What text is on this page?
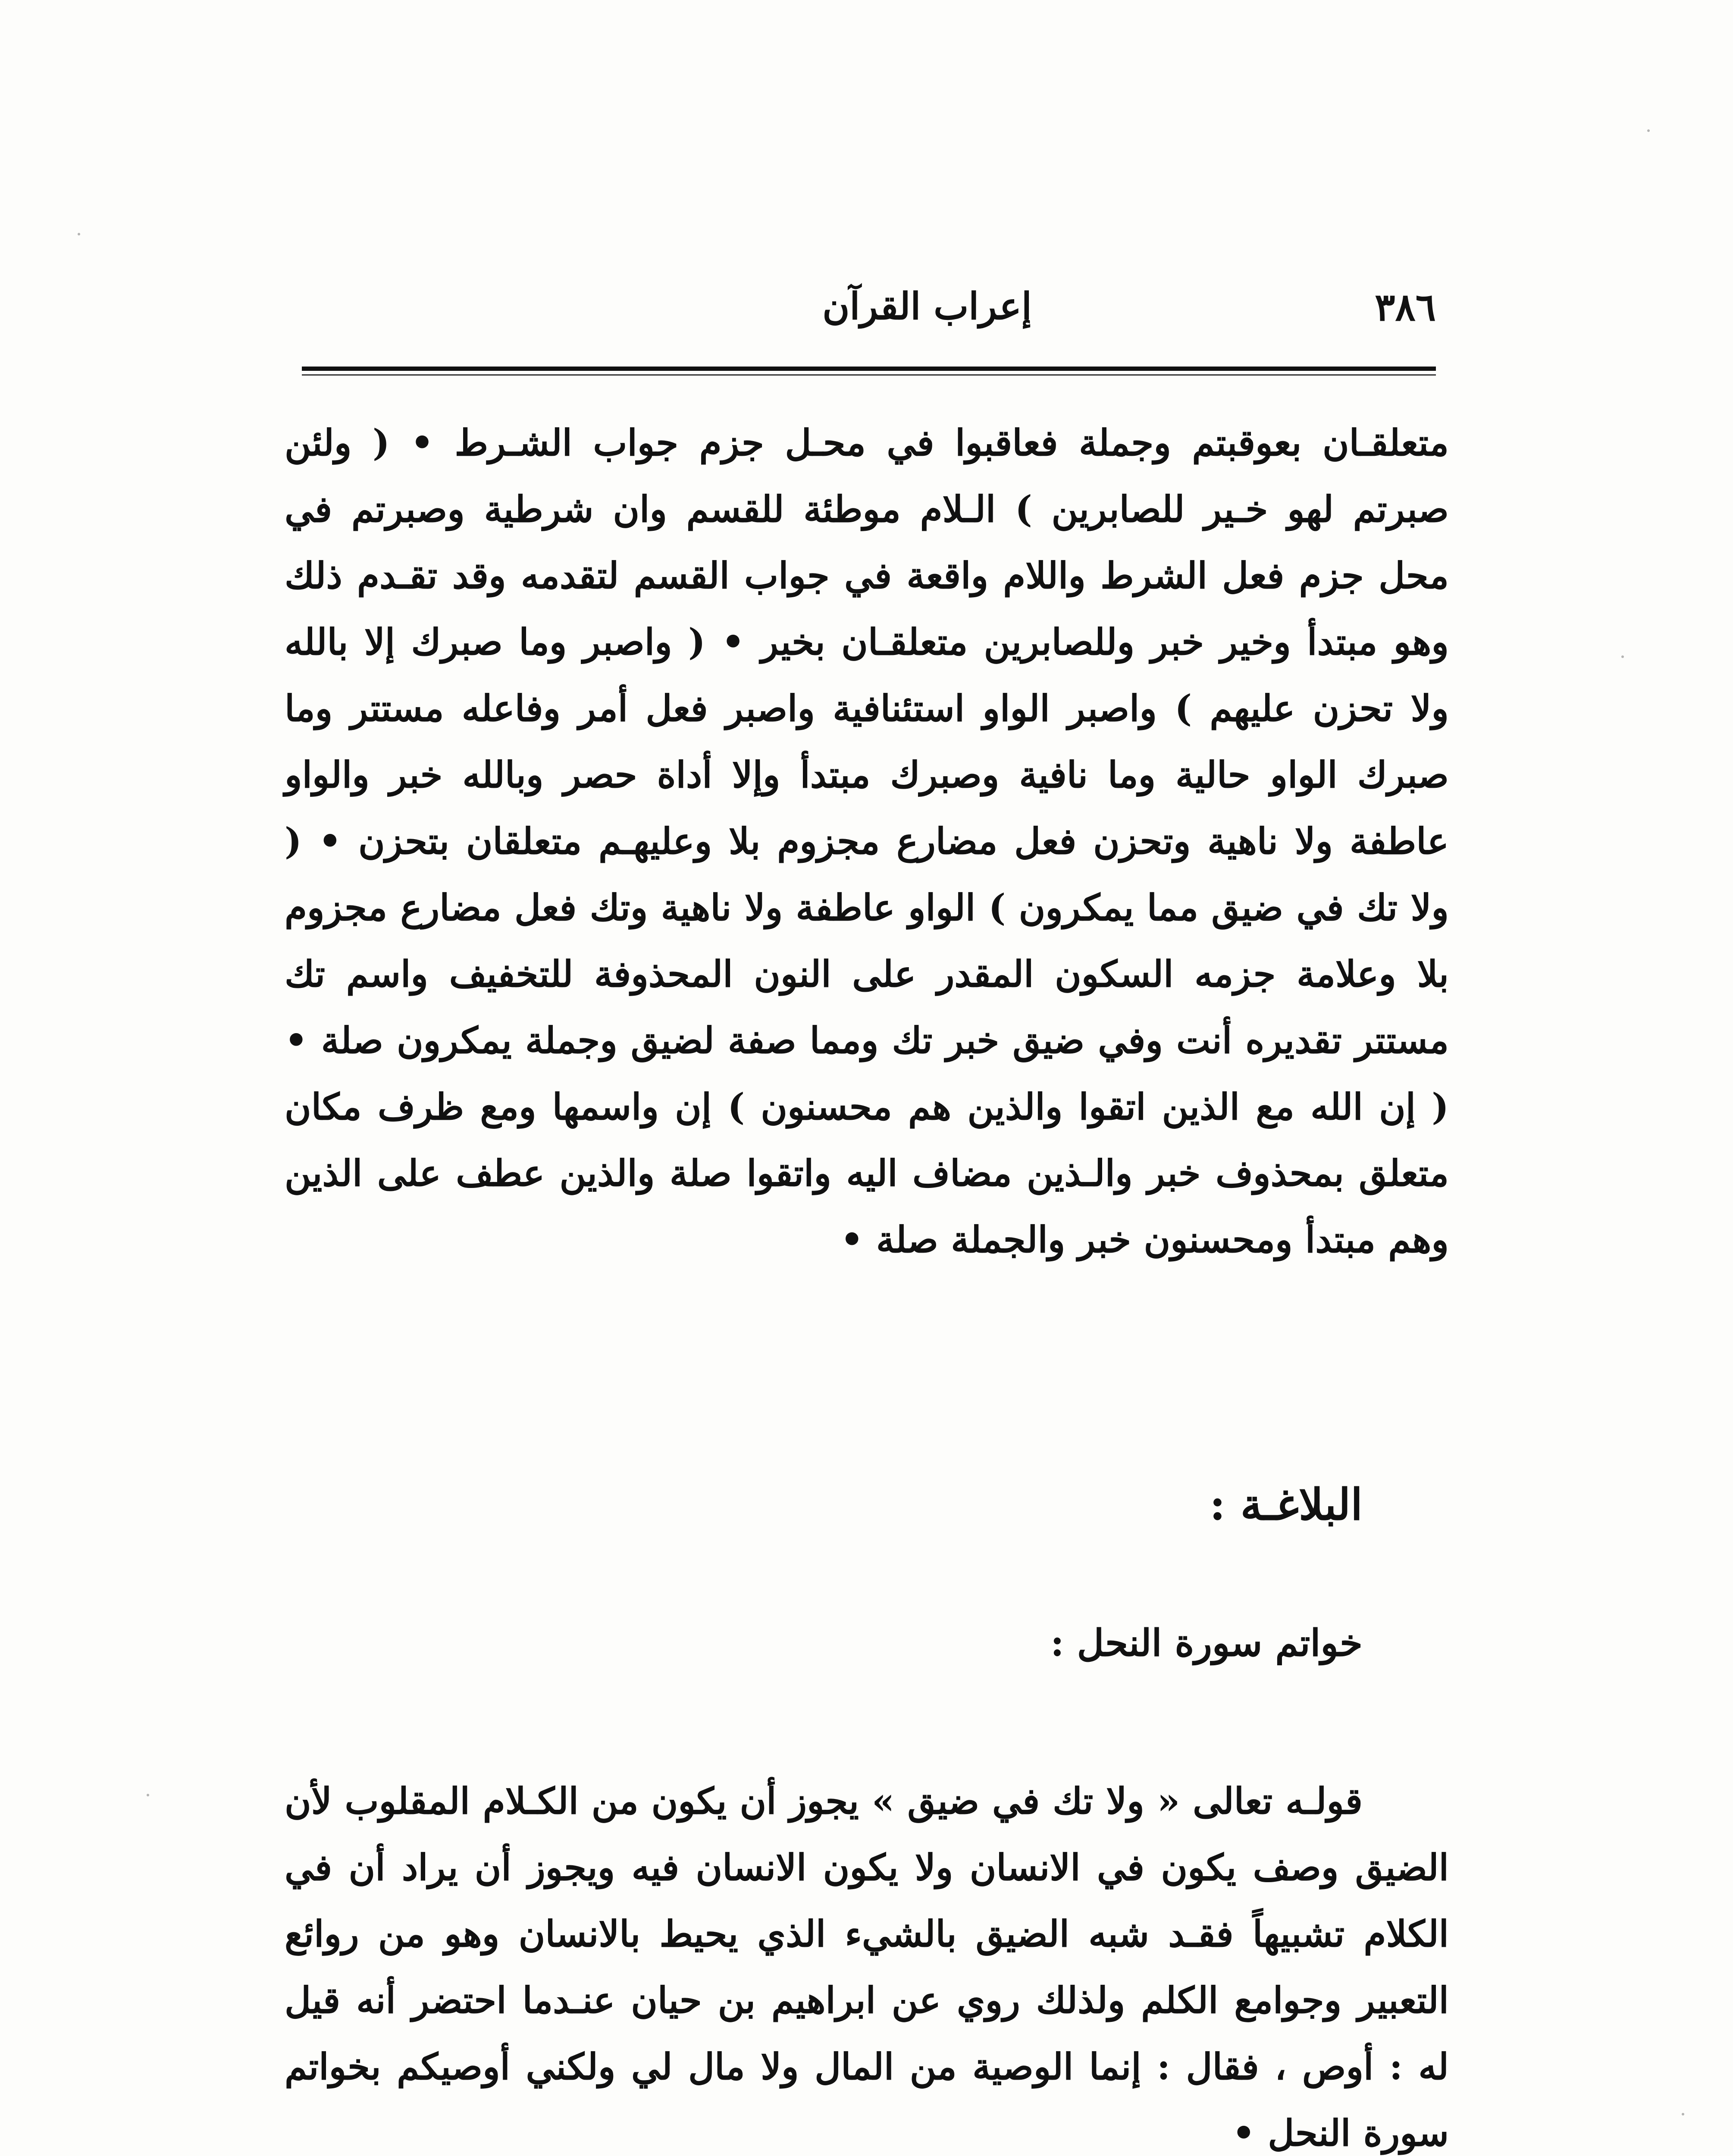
٣٨٦
إعراب القرآن

متعلقـان بعوقبتم وجملة فعاقبوا في محـل جزم جواب الشـرط • ( ولئن صبرتم لهو خـير للصابرين ) الـلام موطئة للقسم وان شرطية وصبرتم في محل جزم فعل الشرط واللام واقعة في جواب القسم لتقدمه وقد تقـدم ذلك وهو مبتدأ وخير خبر وللصابرين متعلقـان بخير • ( واصبر وما صبرك إلا بالله ولا تحزن عليهم ) واصبر الواو استئنافية واصبر فعل أمر وفاعله مستتر وما صبرك الواو حالية وما نافية وصبرك مبتدأ وإلا أداة حصر وبالله خبر والواو عاطفة ولا ناهية وتحزن فعل مضارع مجزوم بلا وعليهـم متعلقان بتحزن • ( ولا تك في ضيق مما يمكرون ) الواو عاطفة ولا ناهية وتك فعل مضارع مجزوم بلا وعلامة جزمه السكون المقدر على النون المحذوفة للتخفيف واسم تك مستتر تقديره أنت وفي ضيق خبر تك ومما صفة لضيق وجملة يمكرون صلة • ( إن الله مع الذين اتقوا والذين هم محسنون ) إن واسمها ومع ظرف مكان متعلق بمحذوف خبر والـذين مضاف اليه واتقوا صلة والذين عطف على الذين وهم مبتدأ ومحسنون خبر والجملة صلة •

البلاغـة :
خواتم سورة النحل :

قولـه تعالى « ولا تك في ضيق » يجوز أن يكون من الكـلام المقلوب لأن الضيق وصف يكون في الانسان ولا يكون الانسان فيه ويجوز أن يراد أن في الكلام تشبيهاً فقـد شبه الضيق بالشيء الذي يحيط بالانسان وهو من روائع التعبير وجوامع الكلم ولذلك روي عن ابراهيم بن حيان عنـدما احتضر أنه قيل له : أوص ، فقال : إنما الوصية من المال ولا مال لي ولكني أوصيكم بخواتم سورة النحل •
